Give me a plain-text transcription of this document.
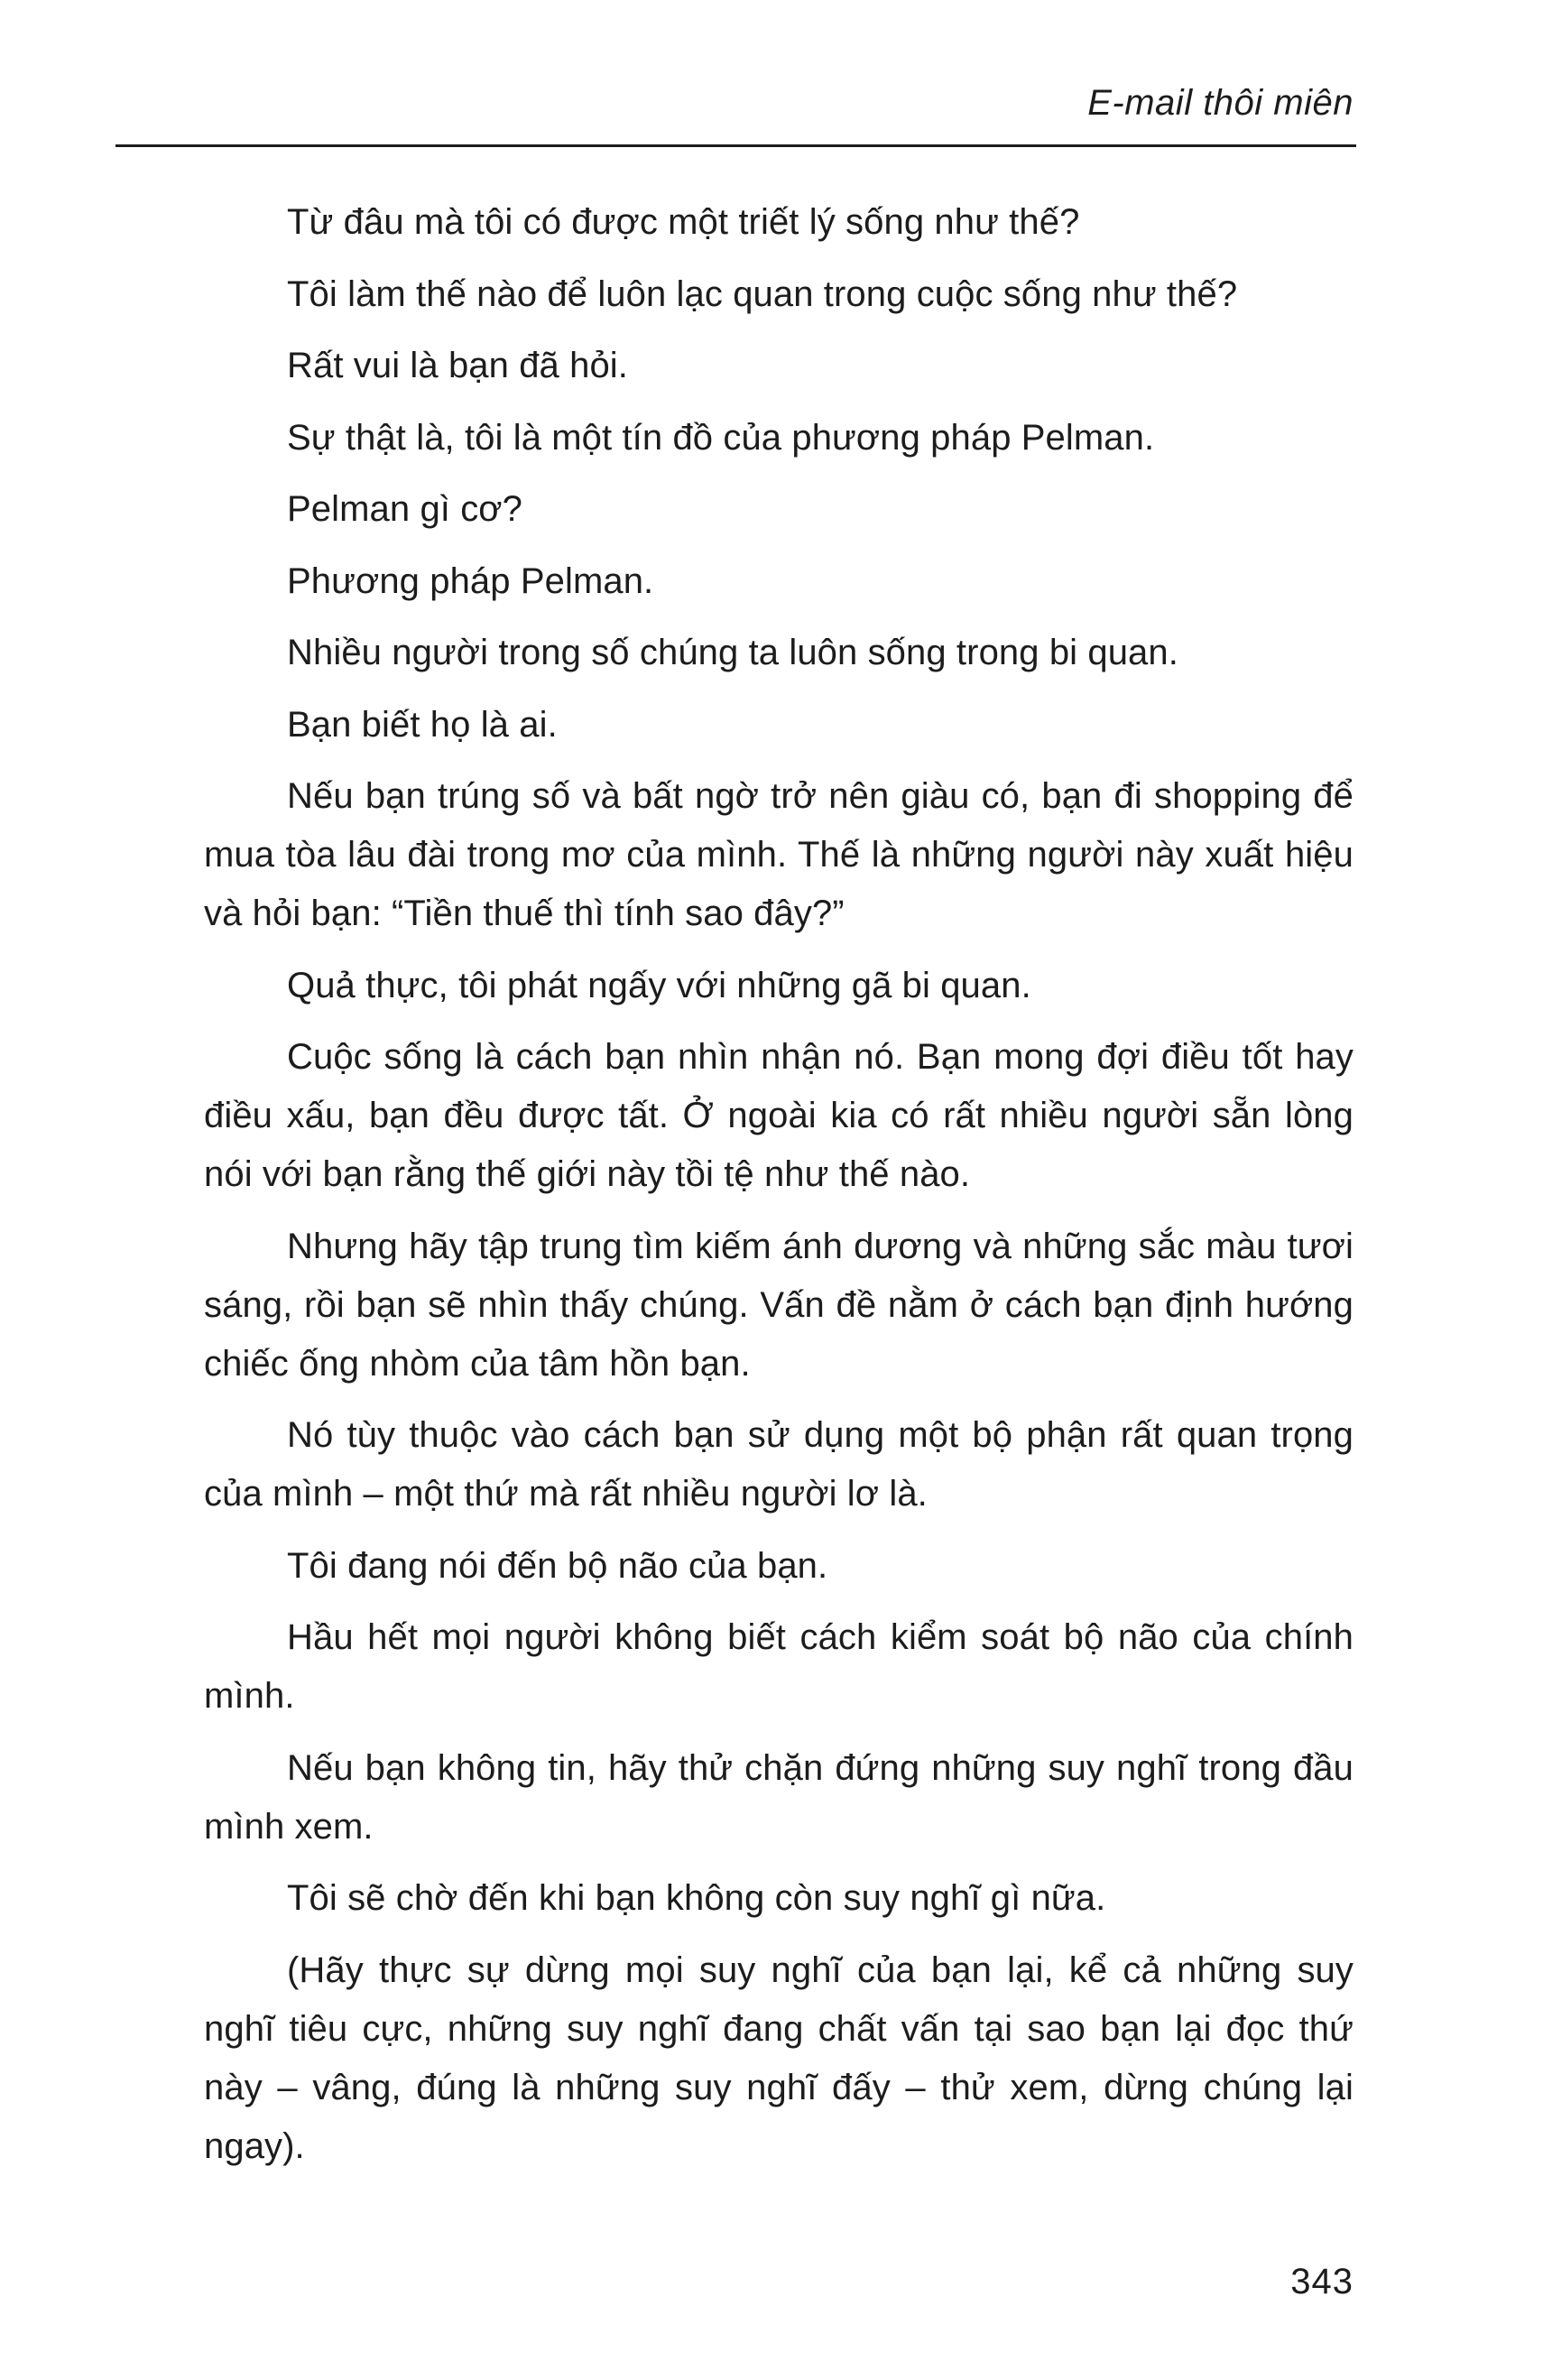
E-mail thôi miên

Từ đâu mà tôi có được một triết lý sống như thế?

Tôi làm thế nào để luôn lạc quan trong cuộc sống như thế?

Rất vui là bạn đã hỏi.

Sự thật là, tôi là một tín đồ của phương pháp Pelman.

Pelman gì cơ?

Phương pháp Pelman.

Nhiều người trong số chúng ta luôn sống trong bi quan.

Bạn biết họ là ai.

Nếu bạn trúng số và bất ngờ trở nên giàu có, bạn đi shopping để mua tòa lâu đài trong mơ của mình. Thế là những người này xuất hiệu và hỏi bạn: “Tiền thuế thì tính sao đây?”

Quả thực, tôi phát ngấy với những gã bi quan.

Cuộc sống là cách bạn nhìn nhận nó. Bạn mong đợi điều tốt hay điều xấu, bạn đều được tất. Ở ngoài kia có rất nhiều người sẵn lòng nói với bạn rằng thế giới này tồi tệ như thế nào.

Nhưng hãy tập trung tìm kiếm ánh dương và những sắc màu tươi sáng, rồi bạn sẽ nhìn thấy chúng. Vấn đề nằm ở cách bạn định hướng chiếc ống nhòm của tâm hồn bạn.

Nó tùy thuộc vào cách bạn sử dụng một bộ phận rất quan trọng của mình – một thứ mà rất nhiều người lơ là.

Tôi đang nói đến bộ não của bạn.

Hầu hết mọi người không biết cách kiểm soát bộ não của chính mình.

Nếu bạn không tin, hãy thử chặn đứng những suy nghĩ trong đầu mình xem.

Tôi sẽ chờ đến khi bạn không còn suy nghĩ gì nữa.

(Hãy thực sự dừng mọi suy nghĩ của bạn lại, kể cả những suy nghĩ tiêu cực, những suy nghĩ đang chất vấn tại sao bạn lại đọc thứ này – vâng, đúng là những suy nghĩ đấy – thử xem, dừng chúng lại ngay).

343
